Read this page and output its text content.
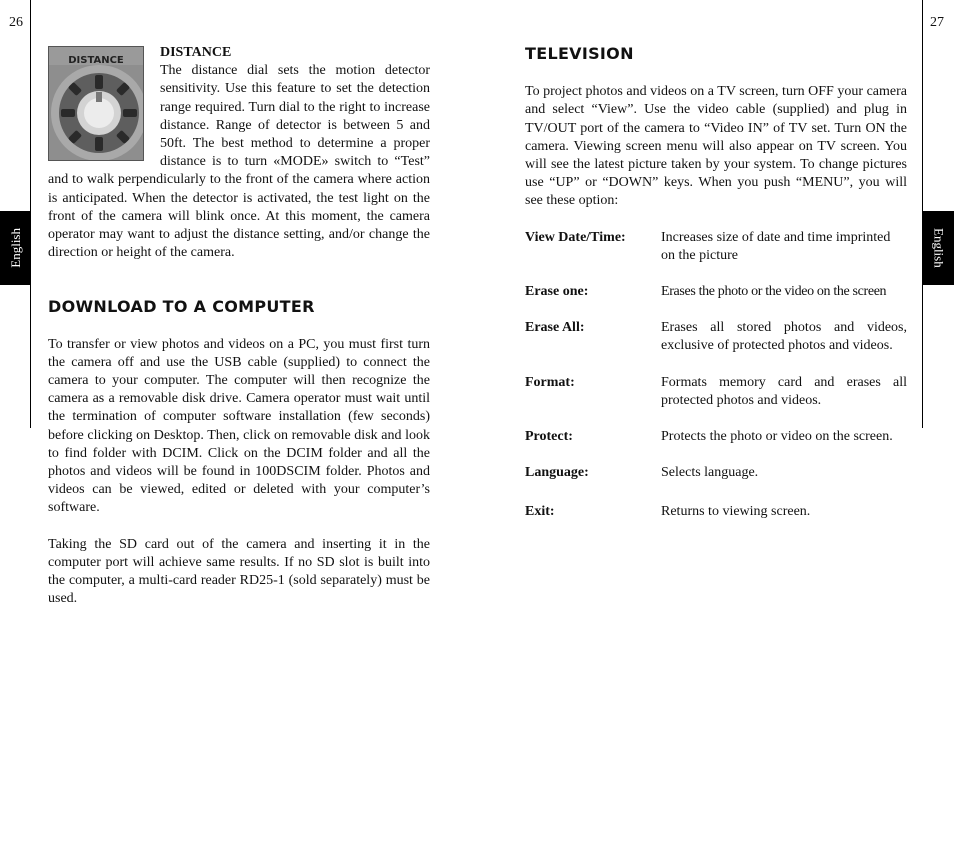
26	27
English	English
DISTANCE
DISTANCE

The distance dial sets the motion detector sensitivity. Use this feature to set the detection range required. Turn dial to the right to increase distance. Range of detector is between 5 and 50ft. The best method to determine a proper distance is to turn «MODE» switch to “Test” and to walk perpendicularly to the front of the camera where action is anticipated. When the detector is activated, the test light on the front of the camera will blink once. At this moment, the camera operator may want to adjust the distance setting, and/or change the direction or height of the camera.

DOWNLOAD TO A COMPUTER

To transfer or view photos and videos on a PC, you must first turn the camera off and use the USB cable (supplied) to connect the camera to your computer. The computer will then recognize the camera as a removable disk drive. Camera operator must wait until the termination of computer software installation (few seconds) before clicking on Desktop. Then, click on removable disk and look to find folder with DCIM. Click on the DCIM folder and all the photos and videos will be found in 100DSCIM folder. Photos and videos can be viewed, edited or deleted with your computer’s software.

Taking the SD card out of the camera and inserting it in the computer port will achieve same results. If no SD slot is built into the computer, a multi-card reader RD25-1 (sold separately) must be used.

TELEVISION

To project photos and videos on a TV screen, turn OFF your camera and select “View”. Use the video cable (supplied) and plug in TV/OUT port of the camera to “Video IN” of TV set. Turn ON the camera. Viewing screen menu will also appear on TV screen. You will see the latest picture taken by your system. To change pictures use “UP” or “DOWN” keys. When you push “MENU”, you will see these option:

View Date/Time:	Increases size of date and time imprinted on the picture
Erase one:	Erases the photo or the video on the screen
Erase All:	Erases all stored photos and videos, exclusive of protected photos and videos.
Format:	Formats memory card and erases all protected photos and videos.
Protect:	Protects the photo or video on the screen.
Language:	Selects language.
Exit:	Returns to viewing screen.
